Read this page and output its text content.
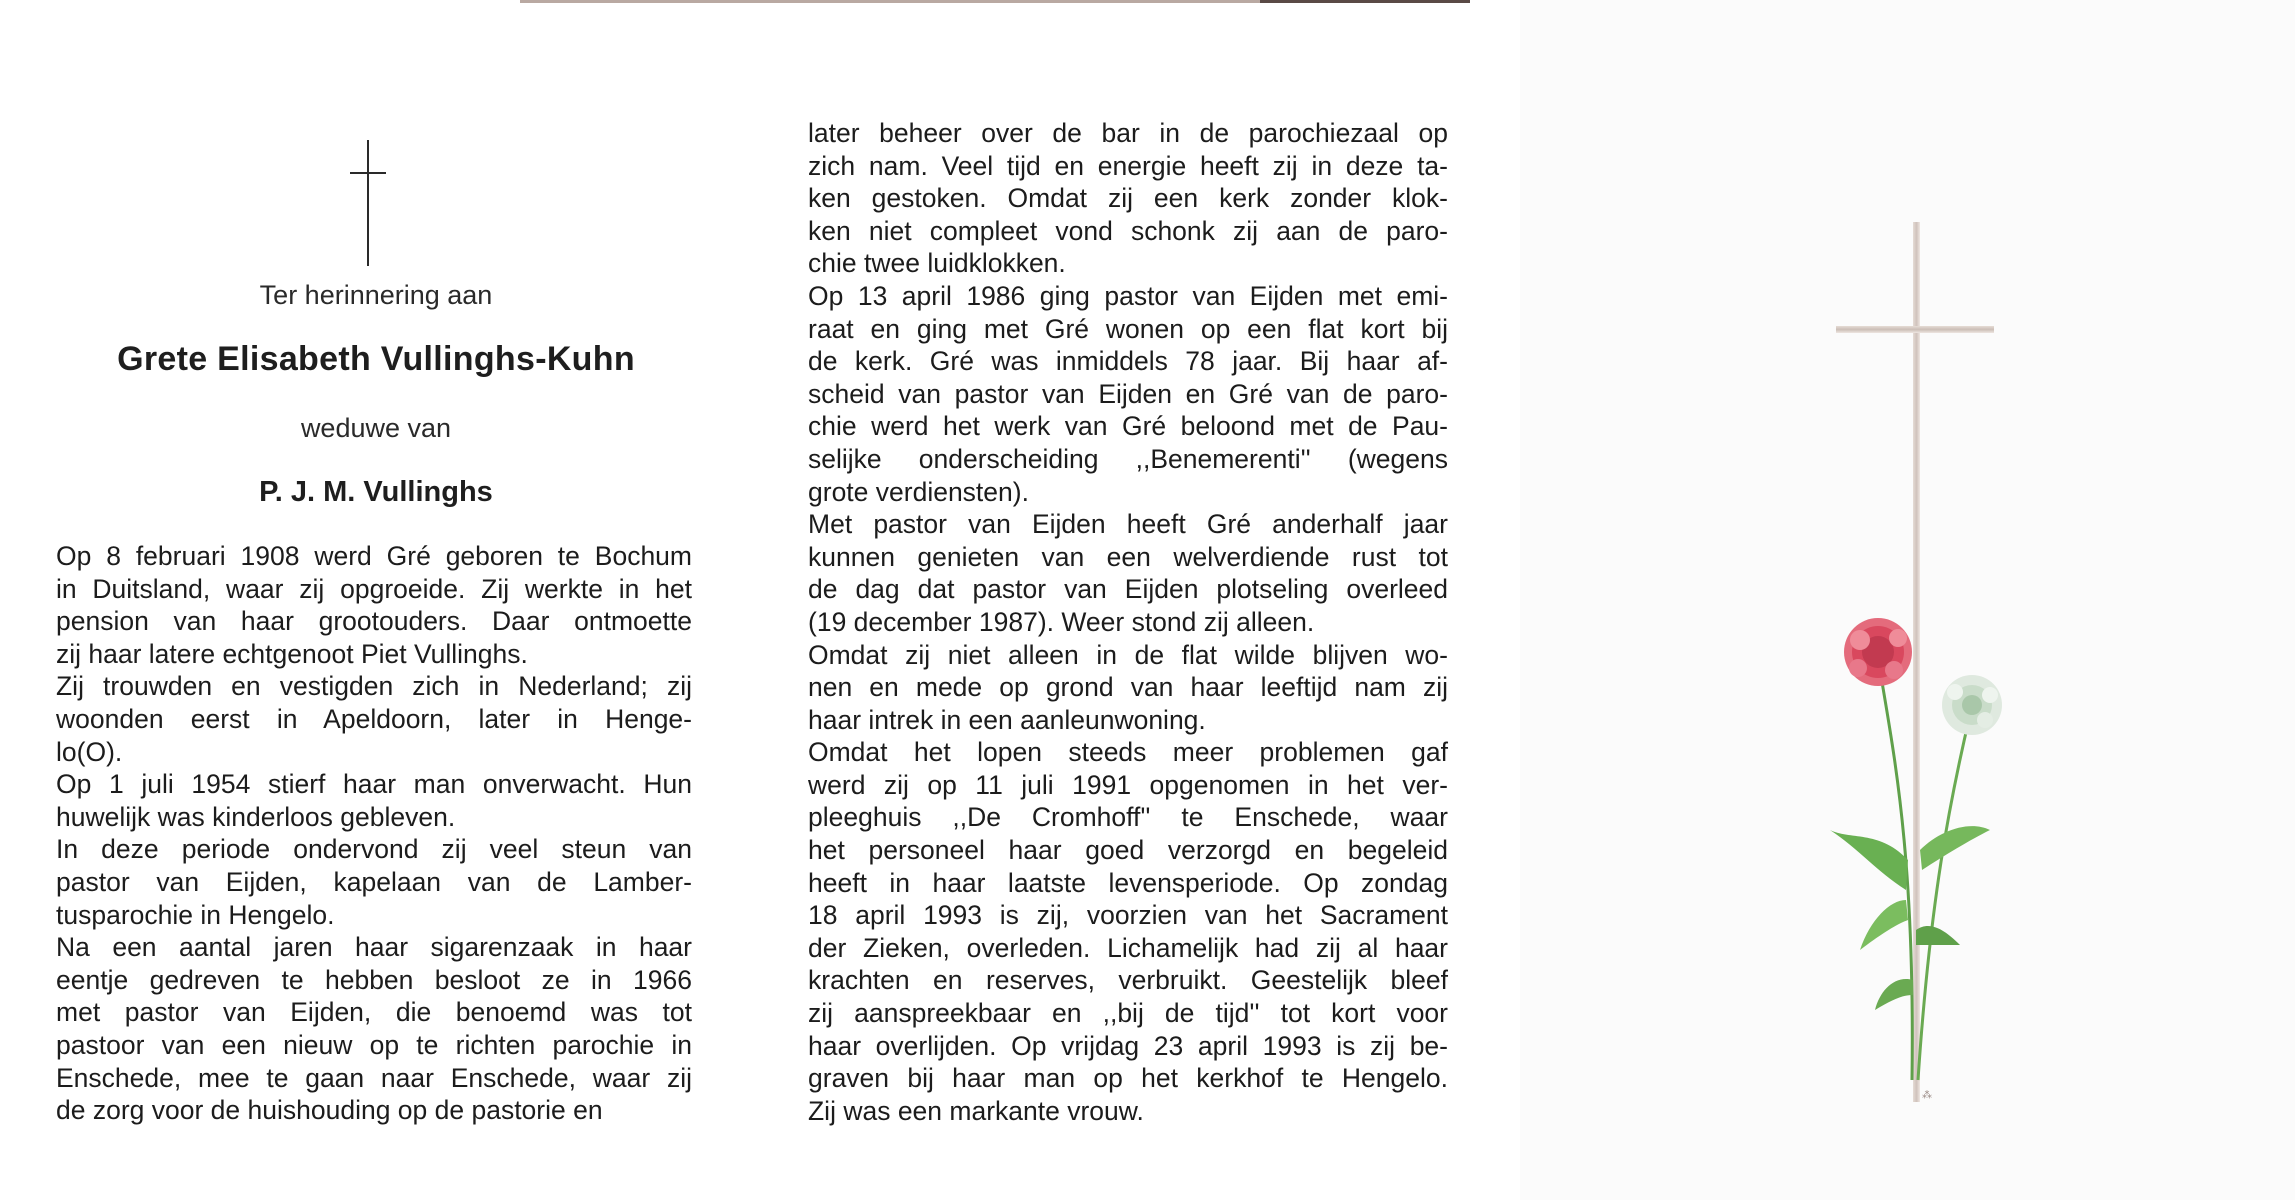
Ter herinnering aan
Grete Elisabeth Vullinghs-Kuhn
weduwe van
P. J. M. Vullinghs
Op 8 februari 1908 werd Gré geboren te Bochum
in Duitsland, waar zij opgroeide. Zij werkte in het
pension van haar grootouders. Daar ontmoette
zij haar latere echtgenoot Piet Vullinghs.
Zij trouwden en vestigden zich in Nederland; zij
woonden eerst in Apeldoorn, later in Henge-
lo(O).
Op 1 juli 1954 stierf haar man onverwacht. Hun
huwelijk was kinderloos gebleven.
In deze periode ondervond zij veel steun van
pastor van Eijden, kapelaan van de Lamber-
tusparochie in Hengelo.
Na een aantal jaren haar sigarenzaak in haar
eentje gedreven te hebben besloot ze in 1966
met pastor van Eijden, die benoemd was tot
pastoor van een nieuw op te richten parochie in
Enschede, mee te gaan naar Enschede, waar zij
de zorg voor de huishouding op de pastorie en
later beheer over de bar in de parochiezaal op
zich nam. Veel tijd en energie heeft zij in deze ta-
ken gestoken. Omdat zij een kerk zonder klok-
ken niet compleet vond schonk zij aan de paro-
chie twee luidklokken.
Op 13 april 1986 ging pastor van Eijden met emi-
raat en ging met Gré wonen op een flat kort bij
de kerk. Gré was inmiddels 78 jaar. Bij haar af-
scheid van pastor van Eijden en Gré van de paro-
chie werd het werk van Gré beloond met de Pau-
selijke onderscheiding ,,Benemerenti'' (wegens
grote verdiensten).
Met pastor van Eijden heeft Gré anderhalf jaar
kunnen genieten van een welverdiende rust tot
de dag dat pastor van Eijden plotseling overleed
(19 december 1987). Weer stond zij alleen.
Omdat zij niet alleen in de flat wilde blijven wo-
nen en mede op grond van haar leeftijd nam zij
haar intrek in een aanleunwoning.
Omdat het lopen steeds meer problemen gaf
werd zij op 11 juli 1991 opgenomen in het ver-
pleeghuis ,,De Cromhoff'' te Enschede, waar
het personeel haar goed verzorgd en begeleid
heeft in haar laatste levensperiode. Op zondag
18 april 1993 is zij, voorzien van het Sacrament
der Zieken, overleden. Lichamelijk had zij al haar
krachten en reserves, verbruikt. Geestelijk bleef
zij aanspreekbaar en ,,bij de tijd'' tot kort voor
haar overlijden. Op vrijdag 23 april 1993 is zij be-
graven bij haar man op het kerkhof te Hengelo.
Zij was een markante vrouw.
⁂
